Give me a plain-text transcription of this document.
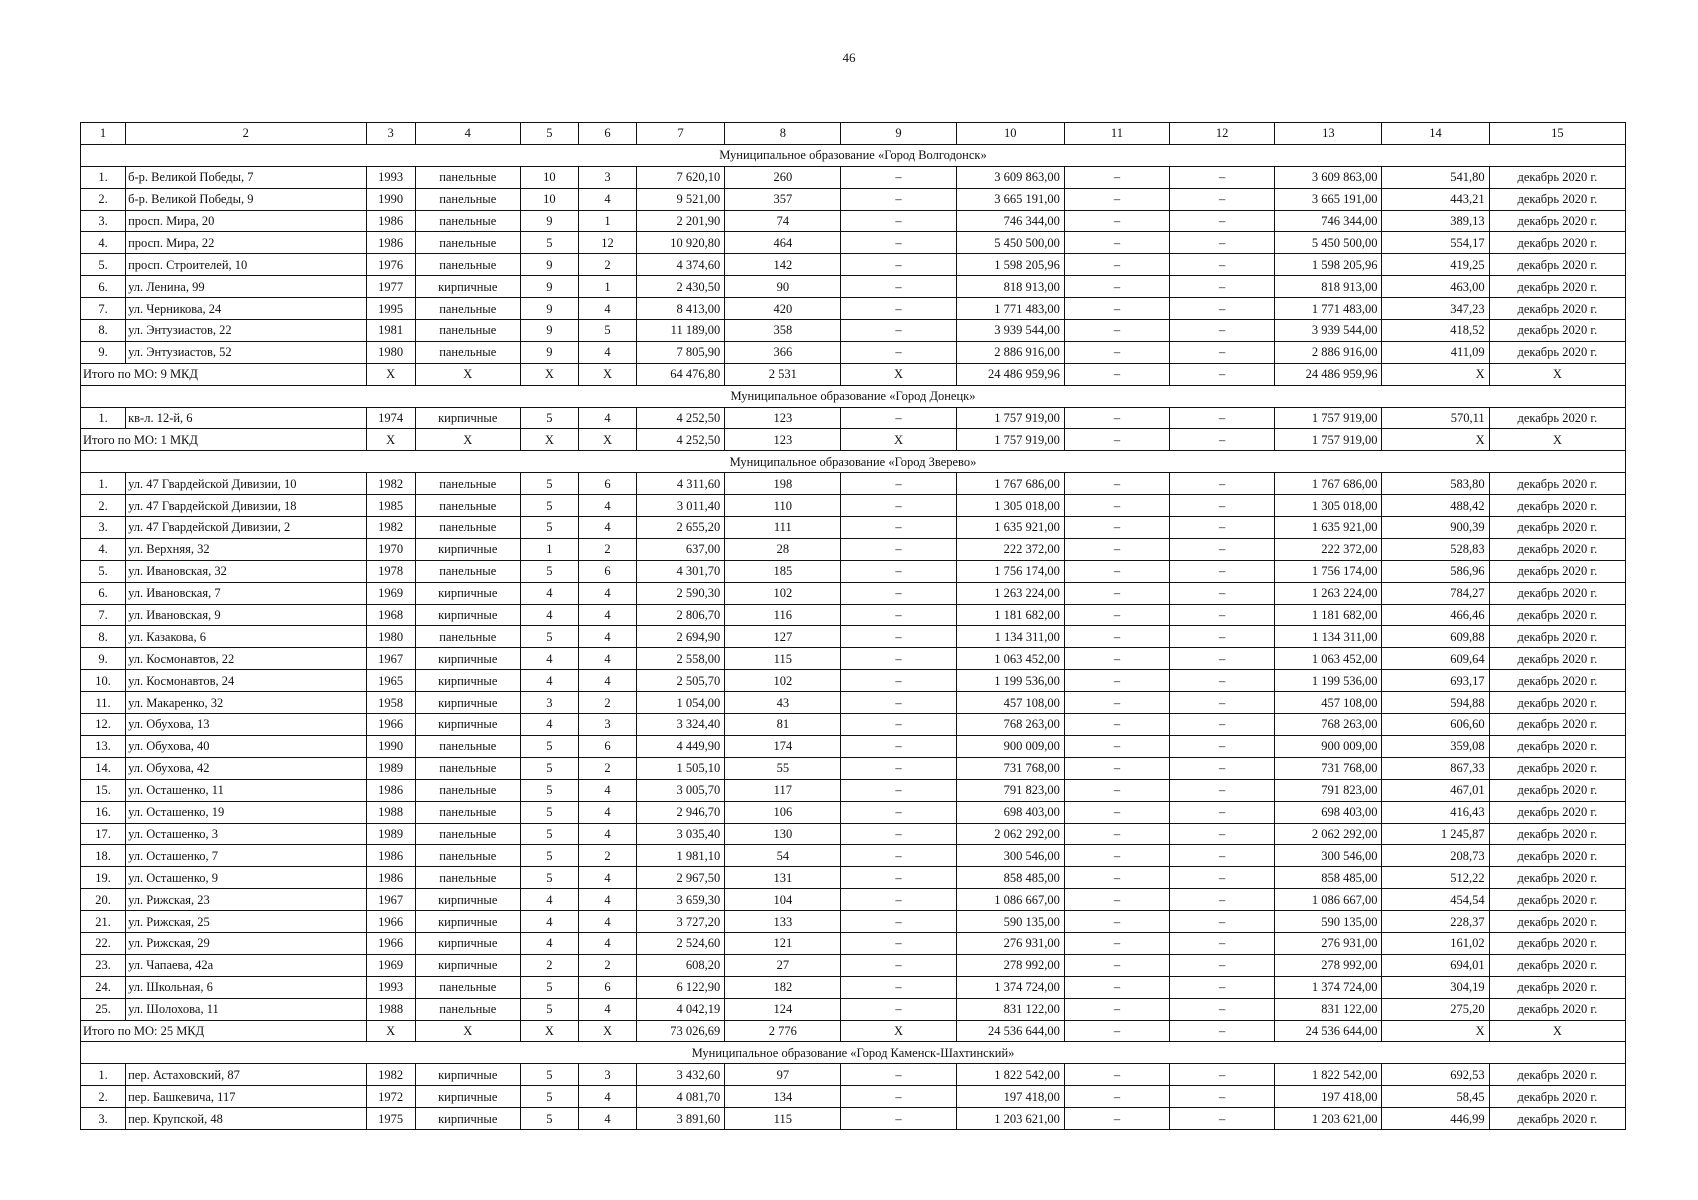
46
1	2	3	4	5	6	7	8	9	10	11	12	13	14	15
Муниципальное образование «Город Волгодонск»														
1.	б-р. Великой Победы, 7	1993	панельные	10	3	7 620,10	260	–	3 609 863,00	–	–	3 609 863,00	541,80	декабрь 2020 г.
2.	б-р. Великой Победы, 9	1990	панельные	10	4	9 521,00	357	–	3 665 191,00	–	–	3 665 191,00	443,21	декабрь 2020 г.
3.	просп. Мира, 20	1986	панельные	9	1	2 201,90	74	–	746 344,00	–	–	746 344,00	389,13	декабрь 2020 г.
4.	просп. Мира, 22	1986	панельные	5	12	10 920,80	464	–	5 450 500,00	–	–	5 450 500,00	554,17	декабрь 2020 г.
5.	просп. Строителей, 10	1976	панельные	9	2	4 374,60	142	–	1 598 205,96	–	–	1 598 205,96	419,25	декабрь 2020 г.
6.	ул. Ленина, 99	1977	кирпичные	9	1	2 430,50	90	–	818 913,00	–	–	818 913,00	463,00	декабрь 2020 г.
7.	ул. Черникова, 24	1995	панельные	9	4	8 413,00	420	–	1 771 483,00	–	–	1 771 483,00	347,23	декабрь 2020 г.
8.	ул. Энтузиастов, 22	1981	панельные	9	5	11 189,00	358	–	3 939 544,00	–	–	3 939 544,00	418,52	декабрь 2020 г.
9.	ул. Энтузиастов, 52	1980	панельные	9	4	7 805,90	366	–	2 886 916,00	–	–	2 886 916,00	411,09	декабрь 2020 г.
Итого по МО: 9 МКД		X	X	X	X	64 476,80	2 531	X	24 486 959,96	–	–	24 486 959,96	X	X
Муниципальное образование «Город Донецк»														
1.	кв-л. 12-й, 6	1974	кирпичные	5	4	4 252,50	123	–	1 757 919,00	–	–	1 757 919,00	570,11	декабрь 2020 г.
Итого по МО: 1 МКД		X	X	X	X	4 252,50	123	X	1 757 919,00	–	–	1 757 919,00	X	X
Муниципальное образование «Город Зверево»														
1.	ул. 47 Гвардейской Дивизии, 10	1982	панельные	5	6	4 311,60	198	–	1 767 686,00	–	–	1 767 686,00	583,80	декабрь 2020 г.
2.	ул. 47 Гвардейской Дивизии, 18	1985	панельные	5	4	3 011,40	110	–	1 305 018,00	–	–	1 305 018,00	488,42	декабрь 2020 г.
3.	ул. 47 Гвардейской Дивизии, 2	1982	панельные	5	4	2 655,20	111	–	1 635 921,00	–	–	1 635 921,00	900,39	декабрь 2020 г.
4.	ул. Верхняя, 32	1970	кирпичные	1	2	637,00	28	–	222 372,00	–	–	222 372,00	528,83	декабрь 2020 г.
5.	ул. Ивановская, 32	1978	панельные	5	6	4 301,70	185	–	1 756 174,00	–	–	1 756 174,00	586,96	декабрь 2020 г.
6.	ул. Ивановская, 7	1969	кирпичные	4	4	2 590,30	102	–	1 263 224,00	–	–	1 263 224,00	784,27	декабрь 2020 г.
7.	ул. Ивановская, 9	1968	кирпичные	4	4	2 806,70	116	–	1 181 682,00	–	–	1 181 682,00	466,46	декабрь 2020 г.
8.	ул. Казакова, 6	1980	панельные	5	4	2 694,90	127	–	1 134 311,00	–	–	1 134 311,00	609,88	декабрь 2020 г.
9.	ул. Космонавтов, 22	1967	кирпичные	4	4	2 558,00	115	–	1 063 452,00	–	–	1 063 452,00	609,64	декабрь 2020 г.
10.	ул. Космонавтов, 24	1965	кирпичные	4	4	2 505,70	102	–	1 199 536,00	–	–	1 199 536,00	693,17	декабрь 2020 г.
11.	ул. Макаренко, 32	1958	кирпичные	3	2	1 054,00	43	–	457 108,00	–	–	457 108,00	594,88	декабрь 2020 г.
12.	ул. Обухова, 13	1966	кирпичные	4	3	3 324,40	81	–	768 263,00	–	–	768 263,00	606,60	декабрь 2020 г.
13.	ул. Обухова, 40	1990	панельные	5	6	4 449,90	174	–	900 009,00	–	–	900 009,00	359,08	декабрь 2020 г.
14.	ул. Обухова, 42	1989	панельные	5	2	1 505,10	55	–	731 768,00	–	–	731 768,00	867,33	декабрь 2020 г.
15.	ул. Осташенко, 11	1986	панельные	5	4	3 005,70	117	–	791 823,00	–	–	791 823,00	467,01	декабрь 2020 г.
16.	ул. Осташенко, 19	1988	панельные	5	4	2 946,70	106	–	698 403,00	–	–	698 403,00	416,43	декабрь 2020 г.
17.	ул. Осташенко, 3	1989	панельные	5	4	3 035,40	130	–	2 062 292,00	–	–	2 062 292,00	1 245,87	декабрь 2020 г.
18.	ул. Осташенко, 7	1986	панельные	5	2	1 981,10	54	–	300 546,00	–	–	300 546,00	208,73	декабрь 2020 г.
19.	ул. Осташенко, 9	1986	панельные	5	4	2 967,50	131	–	858 485,00	–	–	858 485,00	512,22	декабрь 2020 г.
20.	ул. Рижская, 23	1967	кирпичные	4	4	3 659,30	104	–	1 086 667,00	–	–	1 086 667,00	454,54	декабрь 2020 г.
21.	ул. Рижская, 25	1966	кирпичные	4	4	3 727,20	133	–	590 135,00	–	–	590 135,00	228,37	декабрь 2020 г.
22.	ул. Рижская, 29	1966	кирпичные	4	4	2 524,60	121	–	276 931,00	–	–	276 931,00	161,02	декабрь 2020 г.
23.	ул. Чапаева, 42а	1969	кирпичные	2	2	608,20	27	–	278 992,00	–	–	278 992,00	694,01	декабрь 2020 г.
24.	ул. Школьная, 6	1993	панельные	5	6	6 122,90	182	–	1 374 724,00	–	–	1 374 724,00	304,19	декабрь 2020 г.
25.	ул. Шолохова, 11	1988	панельные	5	4	4 042,19	124	–	831 122,00	–	–	831 122,00	275,20	декабрь 2020 г.
Итого по МО: 25 МКД		X	X	X	X	73 026,69	2 776	X	24 536 644,00	–	–	24 536 644,00	X	X
Муниципальное образование «Город Каменск-Шахтинский»														
1.	пер. Астаховский, 87	1982	кирпичные	5	3	3 432,60	97	–	1 822 542,00	–	–	1 822 542,00	692,53	декабрь 2020 г.
2.	пер. Башкевича, 117	1972	кирпичные	5	4	4 081,70	134	–	197 418,00	–	–	197 418,00	58,45	декабрь 2020 г.
3.	пер. Крупской, 48	1975	кирпичные	5	4	3 891,60	115	–	1 203 621,00	–	–	1 203 621,00	446,99	декабрь 2020 г.
